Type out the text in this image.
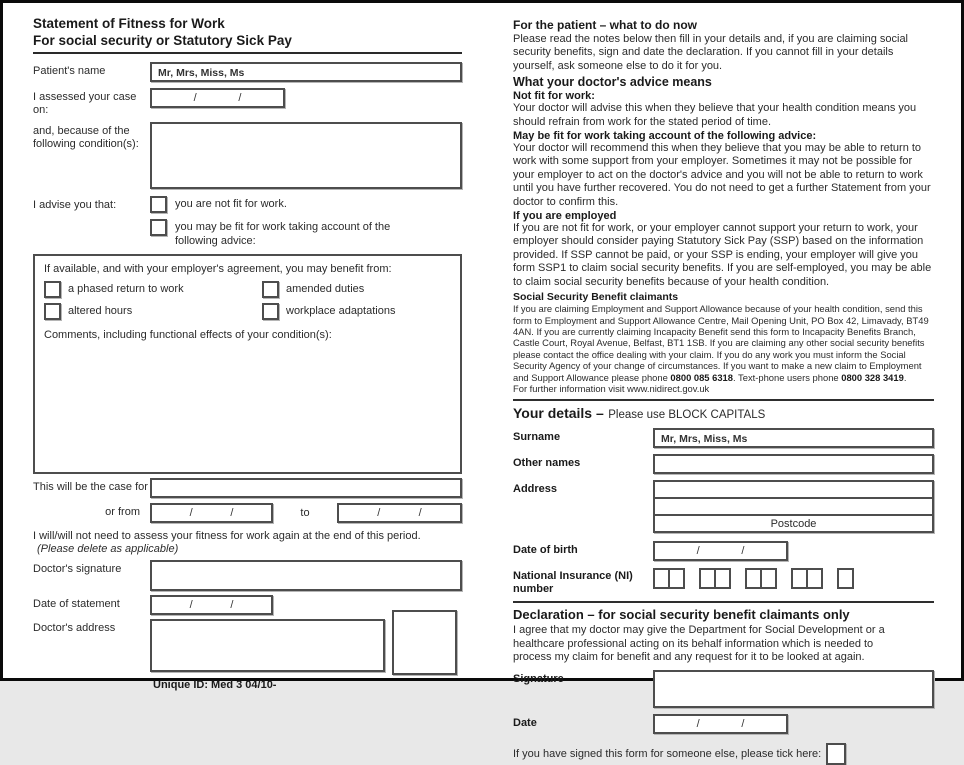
Statement of Fitness for Work
For social security or Statutory Sick Pay
Patient's name	Mr, Mrs, Miss, Ms
I assessed your case on:
/	/
and, because of the following condition(s):
I advise you that:	you are not fit for work.
you may be fit for work taking account of the following advice:
If available, and with your employer's agreement, you may benefit from:
a phased return to work	amended duties
altered hours	workplace adaptations
Comments, including functional effects of your condition(s):
This will be the case for
or from	/	/	to	/	/
I will/will not need to assess your fitness for work again at the end of this period.
(Please delete as applicable)
Doctor's signature
Date of statement	/	/
Doctor's address
Unique ID: Med 3 04/10-
For the patient – what to do now
Please read the notes below then fill in your details and, if you are claiming social security benefits, sign and date the declaration. If you cannot fill in your details yourself, ask someone else to do it for you.
What your doctor's advice means
Not fit for work:
Your doctor will advise this when they believe that your health condition means you should refrain from work for the stated period of time.
May be fit for work taking account of the following advice:
Your doctor will recommend this when they believe that you may be able to return to work with some support from your employer. Sometimes it may not be possible for your employer to act on the doctor's advice and you will not be able to return to work until you have further recovered. You do not need to get a further Statement from your doctor to confirm this.
If you are employed
If you are not fit for work, or your employer cannot support your return to work, your employer should consider paying Statutory Sick Pay (SSP) based on the information provided. If SSP cannot be paid, or your SSP is ending, your employer will give you form SSP1 to claim social security benefits. If you are self-employed, you may be able to claim social security benefits because of your health condition.
Social Security Benefit claimants
If you are claiming Employment and Support Allowance because of your health condition, send this form to Employment and Support Allowance Centre, Mail Opening Unit, PO Box 42, Limavady, BT49 4AN. If you are currently claiming Incapacity Benefit send this form to Incapacity Benefits Branch, Castle Court, Royal Avenue, Belfast, BT1 1SB. If you are claiming any other social security benefits please contact the office dealing with your claim. If you do any work you must inform the Social Security Agency of your change of circumstances. If you want to make a new claim to Employment and Support Allowance please phone 0800 085 6318. Text-phone users phone 0800 328 3419.
For further information visit www.nidirect.gov.uk
Your details – Please use BLOCK CAPITALS
Surname	Mr, Mrs, Miss, Ms
Other names
Address
Postcode
Date of birth	/	/
National Insurance (NI) number
Declaration – for social security benefit claimants only
I agree that my doctor may give the Department for Social Development or a healthcare professional acting on its behalf information which is needed to process my claim for benefit and any request for it to be looked at again.
Signature
Date	/	/
If you have signed this form for someone else, please tick here:
